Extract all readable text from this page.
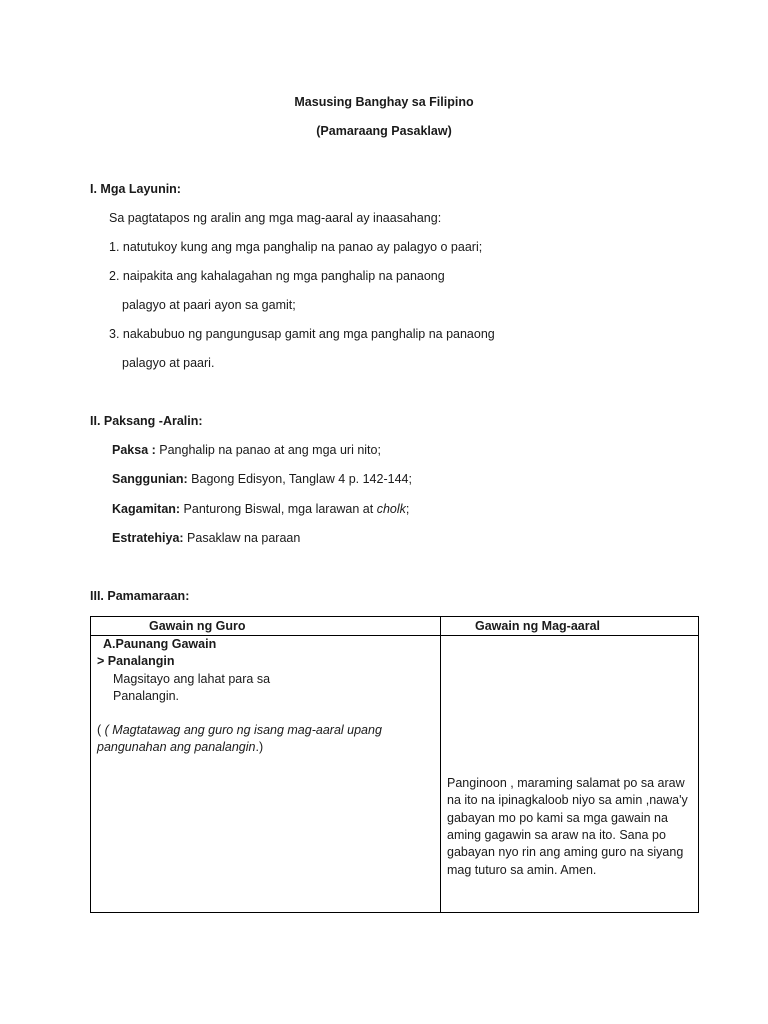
Masusing Banghay sa Filipino
(Pamaraang Pasaklaw)
I. Mga Layunin:
Sa pagtatapos ng aralin ang mga mag-aaral ay inaasahang:
1. natutukoy kung ang mga panghalip na panao ay palagyo o paari;
2. naipakita ang kahalagahan ng mga panghalip na panaong
palagyo at paari ayon sa gamit;
3. nakabubuo ng pangungusap gamit ang mga panghalip na panaong
palagyo at paari.
II. Paksang -Aralin:
Paksa : Panghalip na panao at ang mga uri nito;
Sanggunian: Bagong Edisyon, Tanglaw 4 p. 142-144;
Kagamitan: Panturong Biswal, mga larawan at cholk;
Estratehiya: Pasaklaw na paraan
III. Pamamaraan:
Gawain ng Guro	Gawain ng Mag-aaral
A.Paunang Gawain
> Panalangin
Magsitayo ang lahat para sa
Panalangin.
( ( Magtatawag ang guro ng isang mag-aaral upang
pangunahan ang panalangin.)
Panginoon , maraming salamat po sa araw
na ito na ipinagkaloob niyo sa amin ,nawa'y
gabayan mo po kami sa mga gawain na
aming gagawin sa araw na ito. Sana po
gabayan nyo rin ang aming guro na siyang
mag tuturo sa amin. Amen.
